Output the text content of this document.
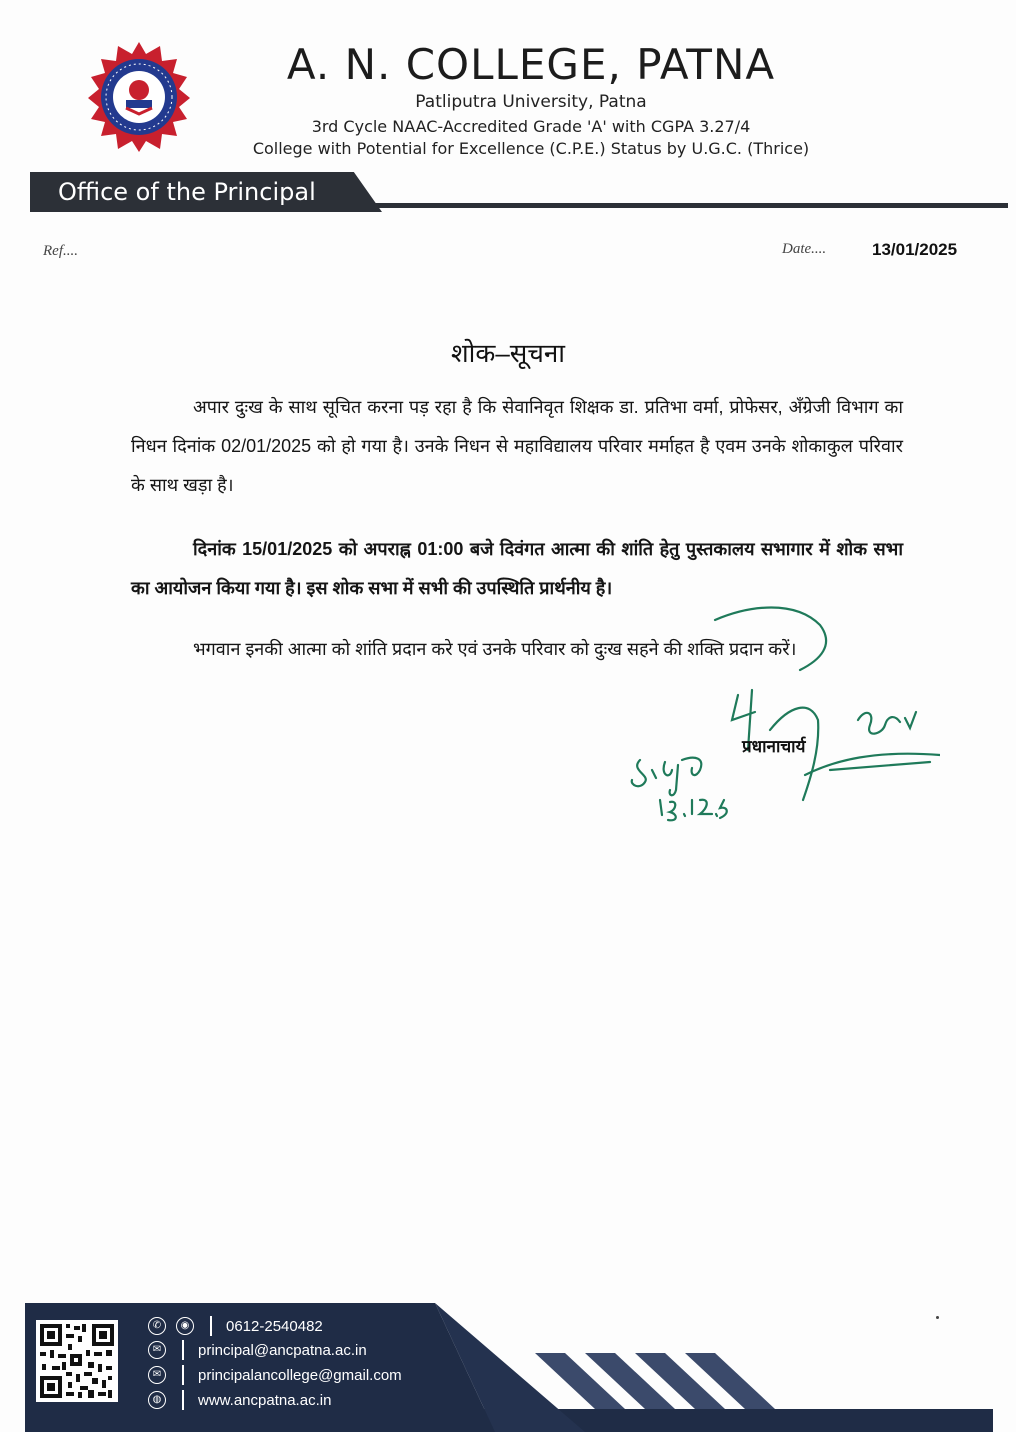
A. N. COLLEGE, PATNA
Patliputra University, Patna
3rd Cycle NAAC-Accredited Grade 'A' with CGPA 3.27/4
College with Potential for Excellence (C.P.E.) Status by U.G.C. (Thrice)
Office of the Principal
Ref....	Date....	13/01/2025
शोक–सूचना
अपार दुःख के साथ सूचित करना पड़ रहा है कि सेवानिवृत शिक्षक डा. प्रतिभा वर्मा, प्रोफेसर, अँग्रेजी विभाग का निधन दिनांक 02/01/2025 को हो गया है। उनके निधन से महाविद्यालय परिवार मर्माहत है एवम उनके शोकाकुल परिवार के साथ खड़ा है।
दिनांक 15/01/2025 को अपराह्न 01:00 बजे दिवंगत आत्मा की शांति हेतु पुस्तकालय सभागार में शोक सभा का आयोजन किया गया है। इस शोक सभा में सभी की उपस्थिति प्रार्थनीय है।
भगवान इनकी आत्मा को शांति प्रदान करे एवं उनके परिवार को दुःख सहने की शक्ति प्रदान करें।
प्रधानाचार्य
✆	◉	0612-2540482
✉	principal@ancpatna.ac.in
✉	principalancollege@gmail.com
◍	www.ancpatna.ac.in
